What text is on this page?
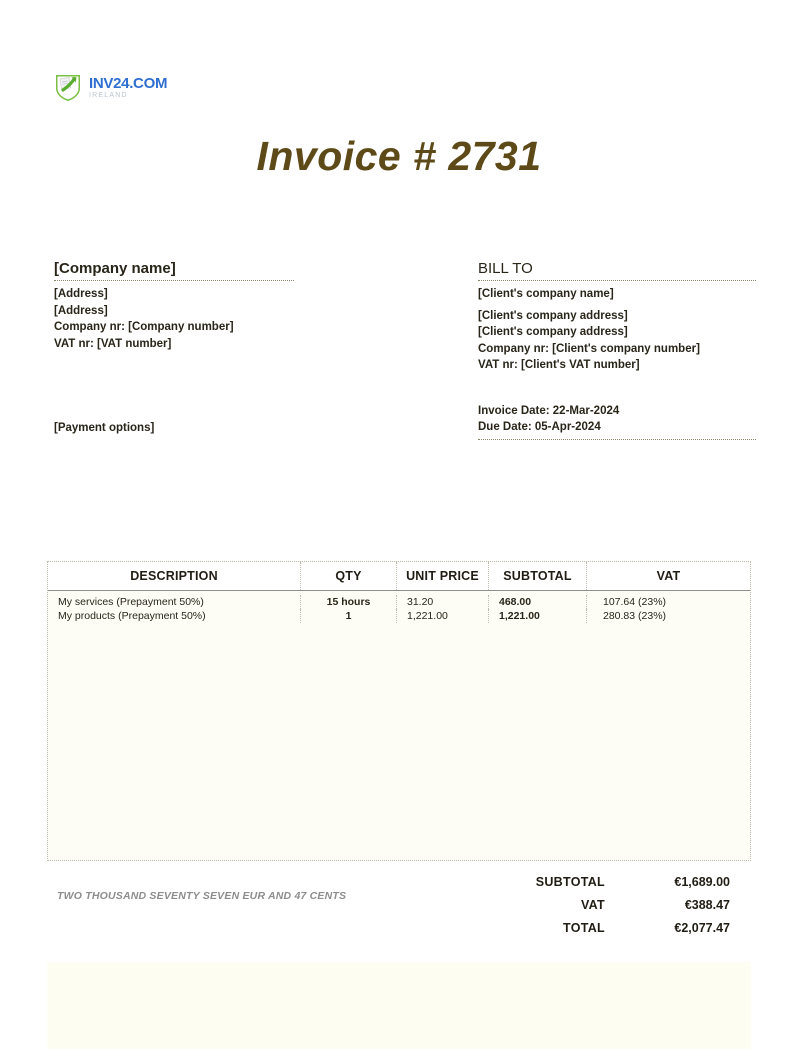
INV24.COM
IRELAND
Invoice # 2731
[Company name]
[Address]
[Address]
Company nr: [Company number]
VAT nr: [VAT number]
[Payment options]
BILL TO
[Client's company name]
[Client's company address]
[Client's company address]
Company nr: [Client's company number]
VAT nr: [Client's VAT number]
Invoice Date: 22-Mar-2024
Due Date: 05-Apr-2024
DESCRIPTION	QTY	UNIT PRICE	SUBTOTAL	VAT
My services (Prepayment 50%)	15 hours	31.20	468.00	107.64 (23%)
My products (Prepayment 50%)	1	1,221.00	1,221.00	280.83 (23%)
TWO THOUSAND SEVENTY SEVEN EUR AND 47 CENTS
SUBTOTAL	€1,689.00
VAT	€388.47
TOTAL	€2,077.47
